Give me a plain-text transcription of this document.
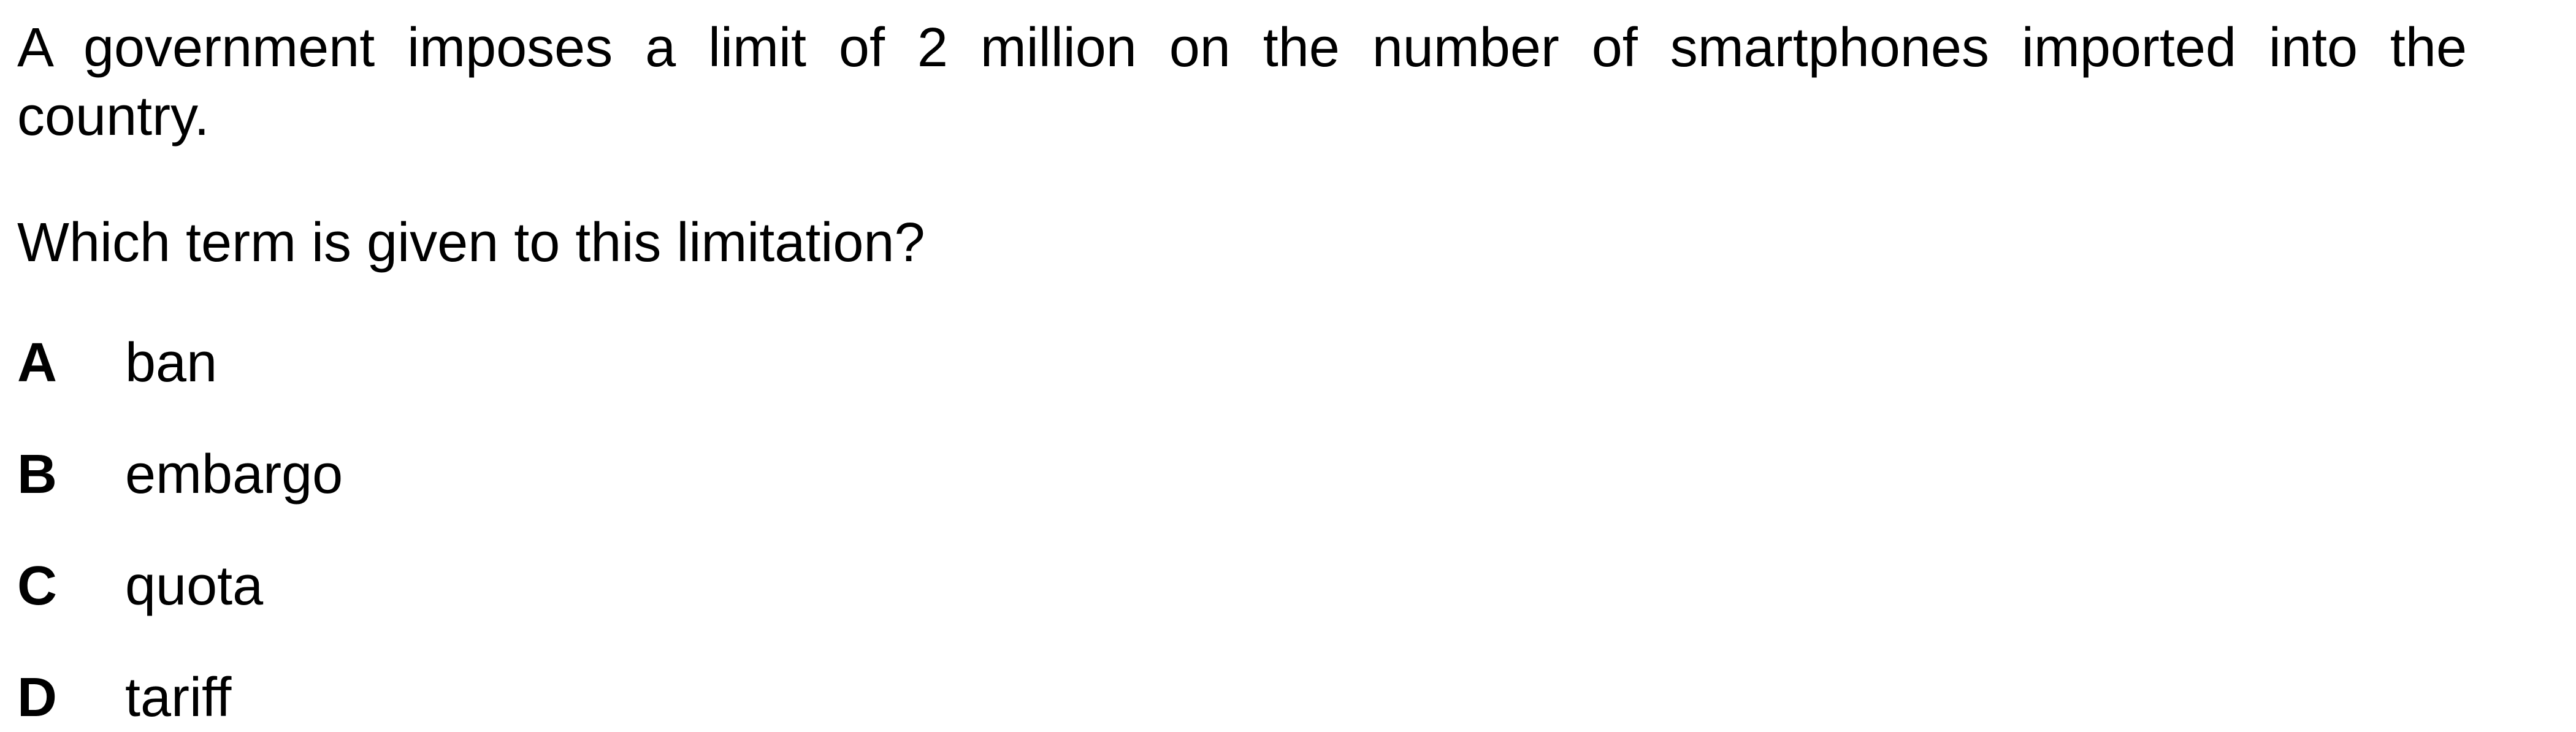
A government imposes a limit of 2 million on the number of smartphones imported into the country.

Which term is given to this limitation?

A ban
B embargo
C quota
D tariff
